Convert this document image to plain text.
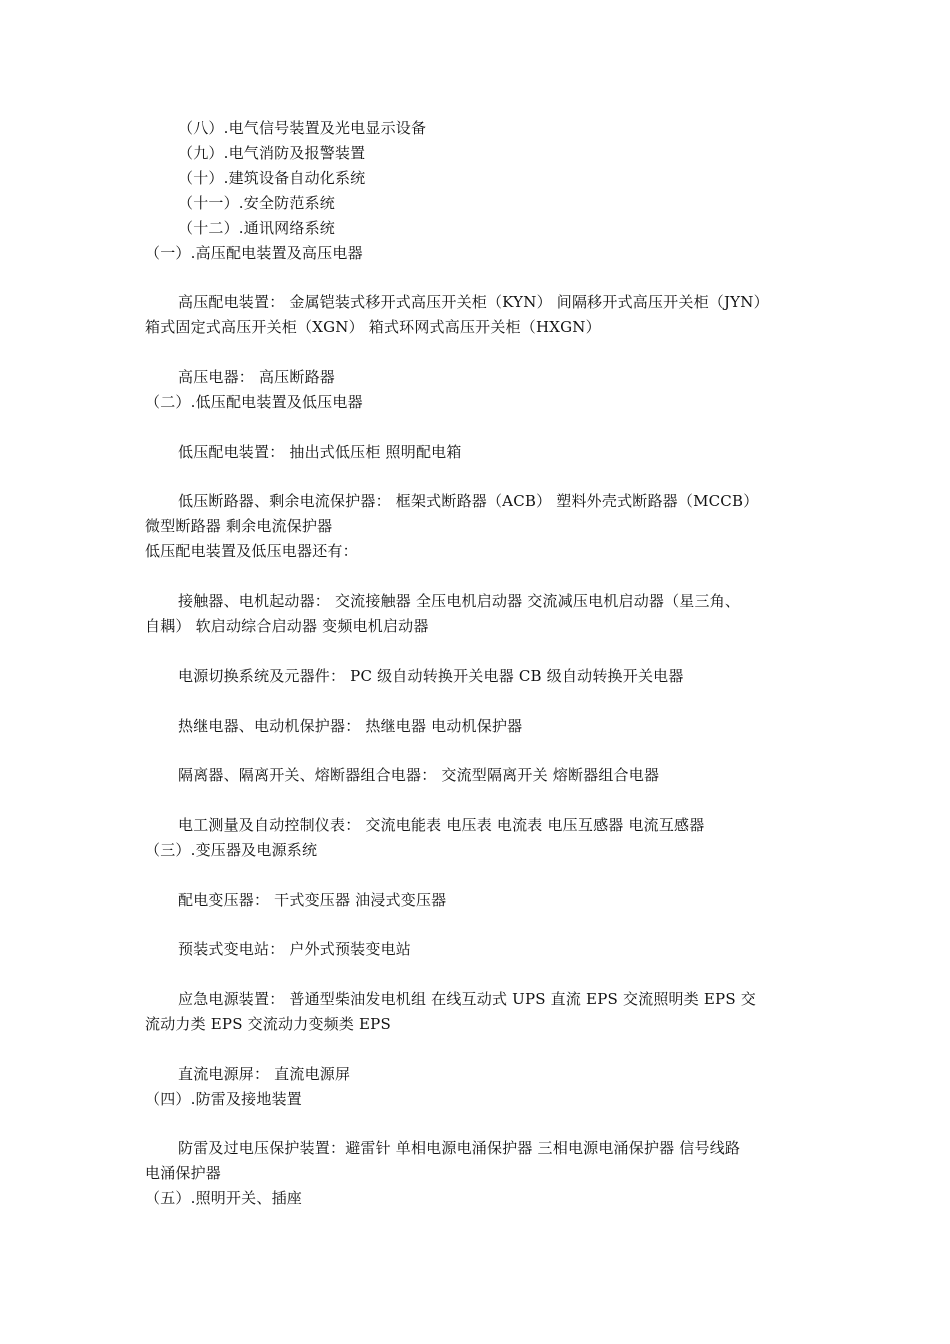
（八）.电气信号装置及光电显示设备
（九）.电气消防及报警装置
（十）.建筑设备自动化系统
（十一）.安全防范系统
（十二）.通讯网络系统
（一）.高压配电装置及高压电器
高压配电装置： 金属铠装式移开式高压开关柜（KYN） 间隔移开式高压开关柜（JYN）
箱式固定式高压开关柜（XGN） 箱式环网式高压开关柜（HXGN）
高压电器： 高压断路器
（二）.低压配电装置及低压电器
低压配电装置： 抽出式低压柜 照明配电箱
低压断路器、剩余电流保护器： 框架式断路器（ACB） 塑料外壳式断路器（MCCB）
微型断路器 剩余电流保护器
低压配电装置及低压电器还有：
接触器、电机起动器： 交流接触器 全压电机启动器 交流减压电机启动器（星三角、
自耦） 软启动综合启动器 变频电机启动器
电源切换系统及元器件： PC 级自动转换开关电器 CB 级自动转换开关电器
热继电器、电动机保护器： 热继电器 电动机保护器
隔离器、隔离开关、熔断器组合电器： 交流型隔离开关 熔断器组合电器
电工测量及自动控制仪表： 交流电能表 电压表 电流表 电压互感器 电流互感器
（三）.变压器及电源系统
配电变压器： 干式变压器 油浸式变压器
预装式变电站： 户外式预装变电站
应急电源装置： 普通型柴油发电机组 在线互动式 UPS 直流 EPS 交流照明类 EPS 交
流动力类 EPS 交流动力变频类 EPS
直流电源屏： 直流电源屏
（四）.防雷及接地装置
防雷及过电压保护装置：避雷针 单相电源电涌保护器 三相电源电涌保护器 信号线路
电涌保护器
（五）.照明开关、插座
